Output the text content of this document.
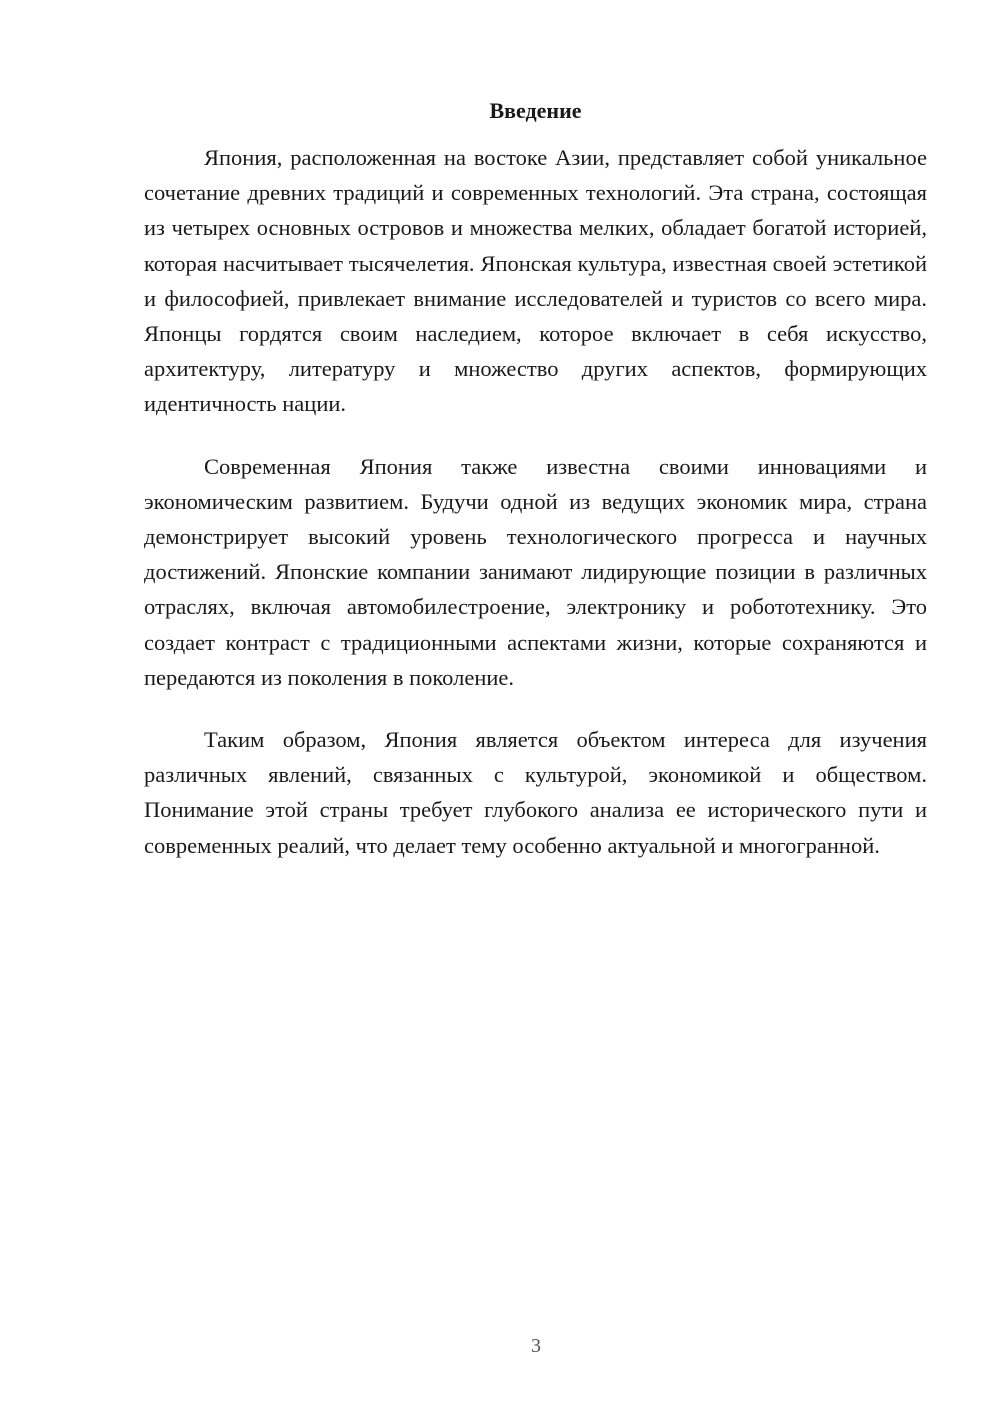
Введение

Япония, расположенная на востоке Азии, представляет собой уникальное сочетание древних традиций и современных технологий. Эта страна, состоящая из четырех основных островов и множества мелких, обладает богатой историей, которая насчитывает тысячелетия. Японская культура, известная своей эстетикой и философией, привлекает внимание исследователей и туристов со всего мира. Японцы гордятся своим наследием, которое включает в себя искусство, архитектуру, литературу и множество других аспектов, формирующих идентичность нации.

Современная Япония также известна своими инновациями и экономическим развитием. Будучи одной из ведущих экономик мира, страна демонстрирует высокий уровень технологического прогресса и научных достижений. Японские компании занимают лидирующие позиции в различных отраслях, включая автомобилестроение, электронику и робототехнику. Это создает контраст с традиционными аспектами жизни, которые сохраняются и передаются из поколения в поколение.

Таким образом, Япония является объектом интереса для изучения различных явлений, связанных с культурой, экономикой и обществом. Понимание этой страны требует глубокого анализа ее исторического пути и современных реалий, что делает тему особенно актуальной и многогранной.

3
